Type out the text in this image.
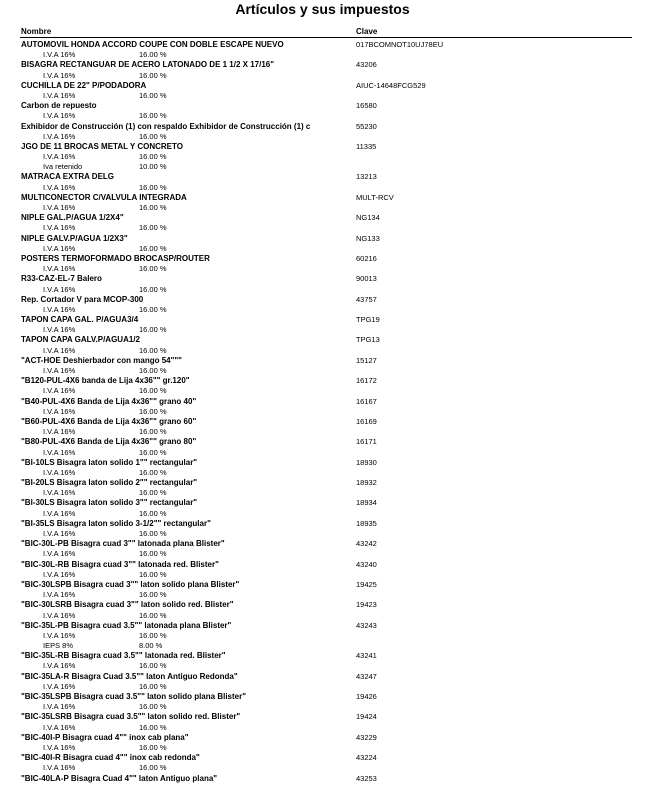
Artículos y sus impuestos
Nombre	Clave
AUTOMOVIL HONDA ACCORD COUPE CON DOBLE ESCAPE NUEVO	017BCOMNOT10UJ78EU
I.V.A 16%	16.00 %
BISAGRA RECTANGUAR DE ACERO LATONADO DE 1 1/2 X 17/16"	43206
I.V.A 16%	16.00 %
CUCHILLA DE 22" P/PODADORA	AIUC-14648FCG529
I.V.A 16%	16.00 %
Carbon de repuesto	16580
I.V.A 16%	16.00 %
Exhibidor de Construcción (1) con respaldo Exhibidor de Construcción (1) c	55230
I.V.A 16%	16.00 %
JGO DE 11 BROCAS METAL Y CONCRETO	11335
I.V.A 16%	16.00 %
Iva retenido	10.00 %
MATRACA EXTRA DELG	13213
I.V.A 16%	16.00 %
MULTICONECTOR C/VALVULA INTEGRADA	MULT-RCV
I.V.A 16%	16.00 %
NIPLE GAL.P/AGUA 1/2X4"	NG134
I.V.A 16%	16.00 %
NIPLE GALV.P/AGUA 1/2X3"	NG133
I.V.A 16%	16.00 %
POSTERS TERMOFORMADO BROCASP/ROUTER	60216
I.V.A 16%	16.00 %
R33-CAZ-EL-7 Balero	90013
I.V.A 16%	16.00 %
Rep. Cortador V para MCOP-300	43757
I.V.A 16%	16.00 %
TAPON CAPA GAL. P/AGUA3/4	TPG19
I.V.A 16%	16.00 %
TAPON CAPA GALV.P/AGUA1/2	TPG13
I.V.A 16%	16.00 %
"ACT-HOE Deshierbador con mango 54"""	15127
I.V.A 16%	16.00 %
"B120-PUL-4X6 banda de Lija 4x36"" gr.120"	16172
I.V.A 16%	16.00 %
"B40-PUL-4X6 Banda de Lija 4x36"" grano 40"	16167
I.V.A 16%	16.00 %
"B60-PUL-4X6 Banda de Lija 4x36"" grano 60"	16169
I.V.A 16%	16.00 %
"B80-PUL-4X6 Banda de Lija 4x36"" grano 80"	16171
I.V.A 16%	16.00 %
"BI-10LS Bisagra laton solido 1"" rectangular"	18930
I.V.A 16%	16.00 %
"BI-20LS Bisagra laton solido 2"" rectangular"	18932
I.V.A 16%	16.00 %
"BI-30LS Bisagra laton solido 3"" rectangular"	18934
I.V.A 16%	16.00 %
"BI-35LS Bisagra laton solido 3-1/2"" rectangular"	18935
I.V.A 16%	16.00 %
"BIC-30L-PB Bisagra cuad 3"" latonada plana Blister"	43242
I.V.A 16%	16.00 %
"BIC-30L-RB Bisagra cuad 3"" latonada red. Blister"	43240
I.V.A 16%	16.00 %
"BIC-30LSPB Bisagra cuad 3"" laton solido plana Blister"	19425
I.V.A 16%	16.00 %
"BIC-30LSRB Bisagra cuad 3"" laton solido red. Blister"	19423
I.V.A 16%	16.00 %
"BIC-35L-PB Bisagra cuad 3.5"" latonada plana Blister"	43243
I.V.A 16%	16.00 %
IEPS 8%	8.00 %
"BIC-35L-RB Bisagra cuad 3.5"" latonada red. Blister"	43241
I.V.A 16%	16.00 %
"BIC-35LA-R Bisagra Cuad 3.5"" laton Antiguo Redonda"	43247
I.V.A 16%	16.00 %
"BIC-35LSPB Bisagra cuad 3.5"" laton solido plana Blister"	19426
I.V.A 16%	16.00 %
"BIC-35LSRB Bisagra cuad 3.5"" laton solido red. Blister"	19424
I.V.A 16%	16.00 %
"BIC-40I-P Bisagra cuad 4"" inox cab plana"	43229
I.V.A 16%	16.00 %
"BIC-40I-R Bisagra cuad 4"" inox cab redonda"	43224
I.V.A 16%	16.00 %
"BIC-40LA-P Bisagra Cuad 4"" laton Antiguo plana"	43253
